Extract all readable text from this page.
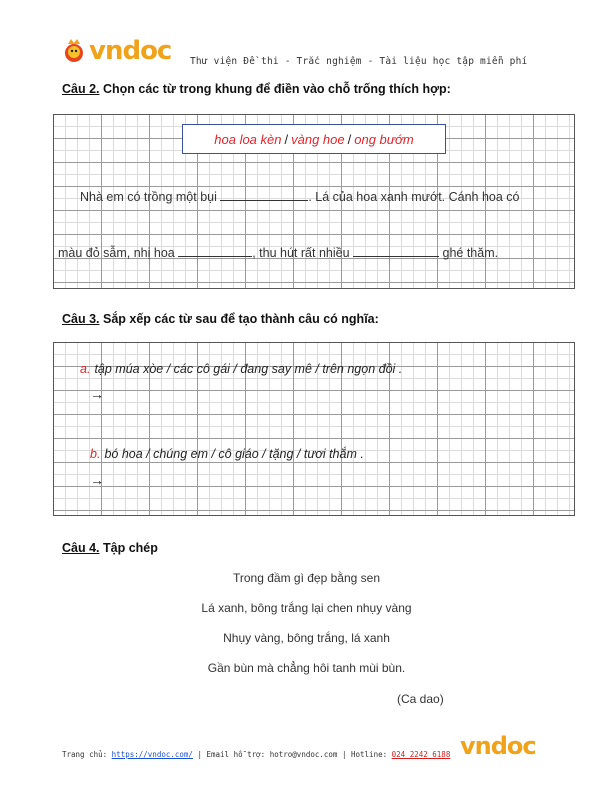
vndoc Thư viện Đề thi - Trắc nghiệm - Tài liệu học tập miễn phí
Câu 2. Chọn các từ trong khung để điền vào chỗ trống thích hợp:
hoa loa kèn / vàng hoe / ong bướm
Nhà em có trồng một bụi	. Lá của hoa xanh mướt. Cánh hoa có
màu đỏ sẫm, nhị hoa	, thu hút rất nhiều	ghé thăm.
Câu 3. Sắp xếp các từ sau để tạo thành câu có nghĩa:
a. tập múa xòe / các cô gái / đang say mê / trên ngọn đồi .
→
b. bó hoa / chúng em / cô giáo / tặng / tươi thắm .
→
Câu 4. Tập chép
Trong đầm gì đẹp bằng sen
Lá xanh, bông trắng lại chen nhụy vàng
Nhụy vàng, bông trắng, lá xanh
Gần bùn mà chẳng hôi tanh mùi bùn.
(Ca dao)
Trang chủ: https://vndoc.com/ | Email hỗ trợ: hotro@vndoc.com | Hotline: 024 2242 6188 vndoc
